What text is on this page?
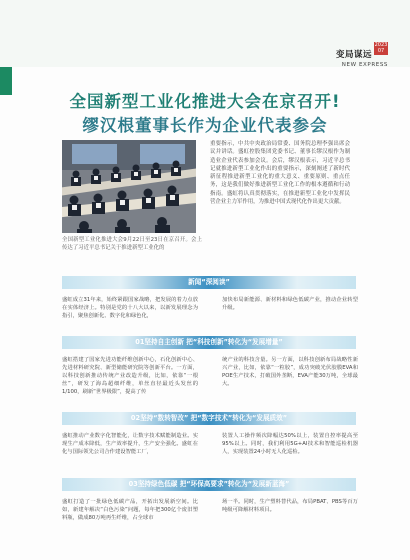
变局谋远2023 07
NEW EXPRESS
全国新型工业化推进大会在京召开!
缪汉根董事长作为企业代表参会
全国新型工业化推进大会9月22日至23日在京召开。会上传达了习近平总书记关于推进新型工业化的
重要指示，中共中央政治局常委、国务院总理李强出席会议并讲话。盛虹控股集团党委书记、董事长缪汉根作为制造业企业代表参加会议。会后，缪汉根表示，习近平总书记就推进新型工业化作出的重要指示，深刻阐述了新时代新征程推进新型工业化的重大意义、重要原则、重点任务，这是我们做好推进新型工业化工作的根本遵循和行动指南。盛虹将认真贯彻落实，在推进新型工业化中发挥民营企业主力军作用，为推进中国式现代化作出更大贡献。
新闻“深阅读”
盛虹成立31年来，始终紧跟国家战略，把发展的着力点放在实体经济上。特别是党的十八大以来，以新发展理念为指引，聚焦创新化、数字化和绿色化，
加快布局新能源、新材料和绿色低碳产业，推动企业转型升级。
01坚持自主创新 把“科技创新”转化为“发展增量”
盛虹搭建了国家先进功能纤维创新中心，石化创新中心、先进材料研究院、新型储能研究院等创新平台。一方面，以科技创新推动传统产业改造升级，比如，依靠“一根丝”，研发了海岛超细纤维，单丝直径最近头发丝的1/100，刷新“世界极限”，提高了传
统产业的科技含量。另一方面，以科技创新布局战略性新兴产业，比如，依靠“一粒胶”，成功突破光伏胶膜EVA和POE生产技术，打破国外垄断，EVA产能30万吨，全球最大。
02坚持“数转智改” 把“数字技术”转化为“发展质效”
盛虹推动产业数字化智能化，让数字技术赋能制造业。实现生产成本降低，生产效率提升，生产安全强化。盛虹在化与国际领先公司合作建设智能工厂，
装置人工操作频次降幅达50%以上，装置自控率提高至95%以上。同时，我们利用5G+AI技术和智能巡检机器人，实现装置24小时无人化巡检。
03坚持绿色低碳 把“环保高要求”转化为“发展新蓝海”
盛虹打造了一批绿色低碳产品，开拓出发展新空间。比如，新建年解决“白色污染”问题，每年把300亿个废旧塑料瓶，做成80万吨再生纤维，占全球市
场一半。同时，生产塑料替代品，布局PBAT、PBS等百万吨级可降解材料项目。
